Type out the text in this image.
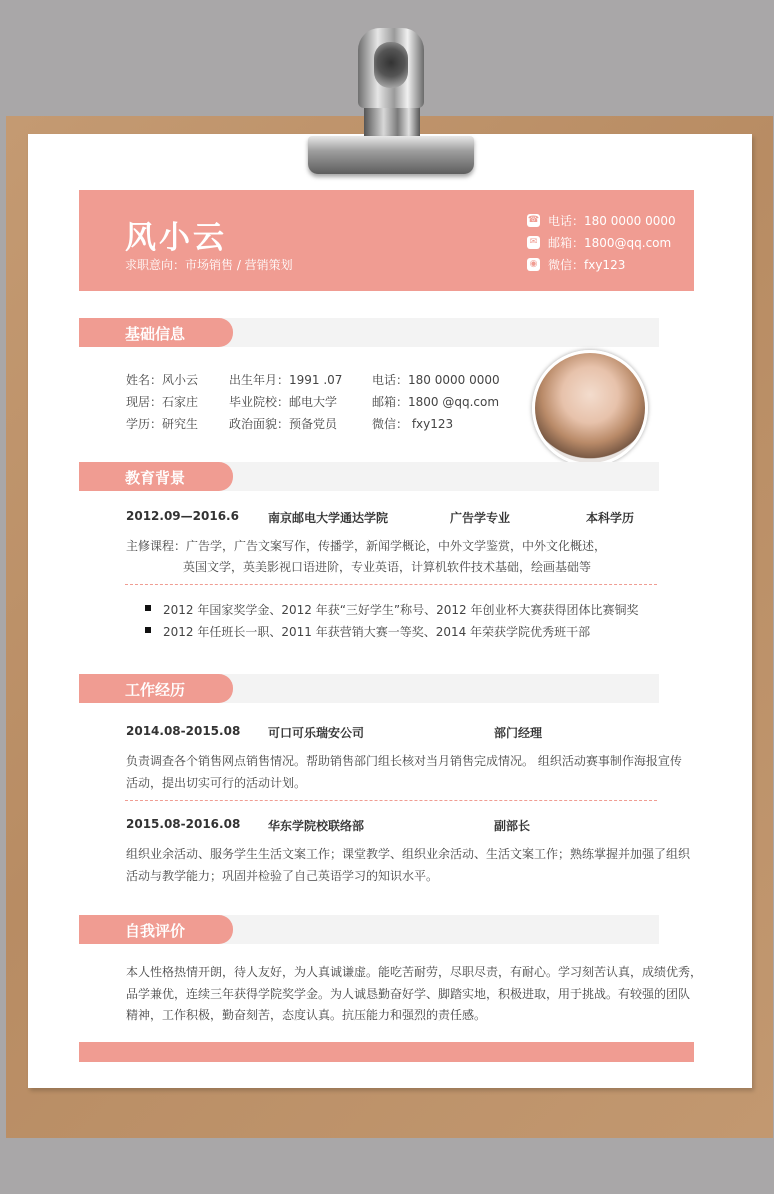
风小云
求职意向：市场销售 / 营销策划
☎ 电话：180 0000 0000
✉ 邮箱：1800@qq.com
◉ 微信：fxy123
基础信息
姓名：风小云	出生年月：1991 .07 电话：180 0000 0000
现居：石家庄	毕业院校：邮电大学	邮箱：1800 @qq.com
学历：研究生	政治面貌：预备党员	微信： fxy123
教育背景
2012.09—2016.6 南京邮电大学通达学院	广告学专业	本科学历
主修课程：广告学，广告文案写作，传播学，新闻学概论，中外文学鉴赏，中外文化概述，
英国文学，英美影视口语进阶，专业英语，计算机软件技术基础，绘画基础等
2012 年国家奖学金、2012 年获“三好学生”称号、2012 年创业杯大赛获得团体比赛铜奖
2012 年任班长一职、2011 年获营销大赛一等奖、2014 年荣获学院优秀班干部
工作经历
2014.08-2015.08 可口可乐瑞安公司	部门经理
负责调查各个销售网点销售情况。帮助销售部门组长核对当月销售完成情况。 组织活动赛事制作海报宣传
活动，提出切实可行的活动计划。
2015.08-2016.08 华东学院校联络部	副部长
组织业余活动、服务学生生活文案工作；课堂教学、组织业余活动、生活文案工作；熟练掌握并加强了组织
活动与教学能力；巩固并检验了自己英语学习的知识水平。
自我评价
本人性格热情开朗，待人友好，为人真诚谦虚。能吃苦耐劳，尽职尽责，有耐心。学习刻苦认真，成绩优秀，
品学兼优，连续三年获得学院奖学金。为人诚恳勤奋好学、脚踏实地，积极进取，用于挑战。有较强的团队
精神，工作积极，勤奋刻苦，态度认真。抗压能力和强烈的责任感。
